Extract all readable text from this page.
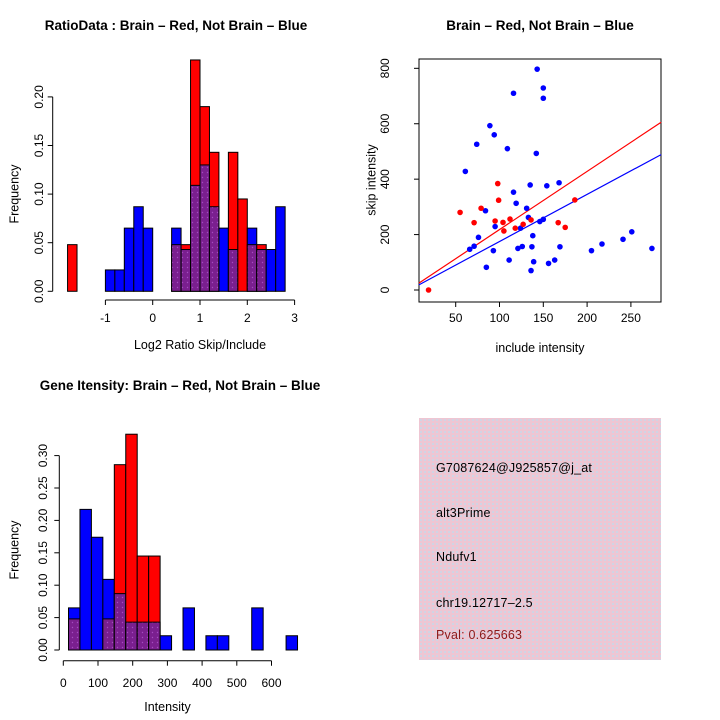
RatioData : Brain – Red, Not Brain – Blue
Log2 Ratio Skip/Include
Frequency
0.00
0.05
0.10
0.15
0.20
-1	0	1	2	3
Brain – Red, Not Brain – Blue
include intensity
skip intensity
50 100 150 200 250
0
200
400
600
800
Gene Itensity: Brain – Red, Not Brain – Blue
Intensity
Frequency
0.00
0.05
0.10
0.15
0.20
0.25
0.30
0 100 200 300 400 500 600
G7087624@J925857@j_at
alt3Prime
Ndufv1
chr19.12717–2.5
Pval: 0.625663
